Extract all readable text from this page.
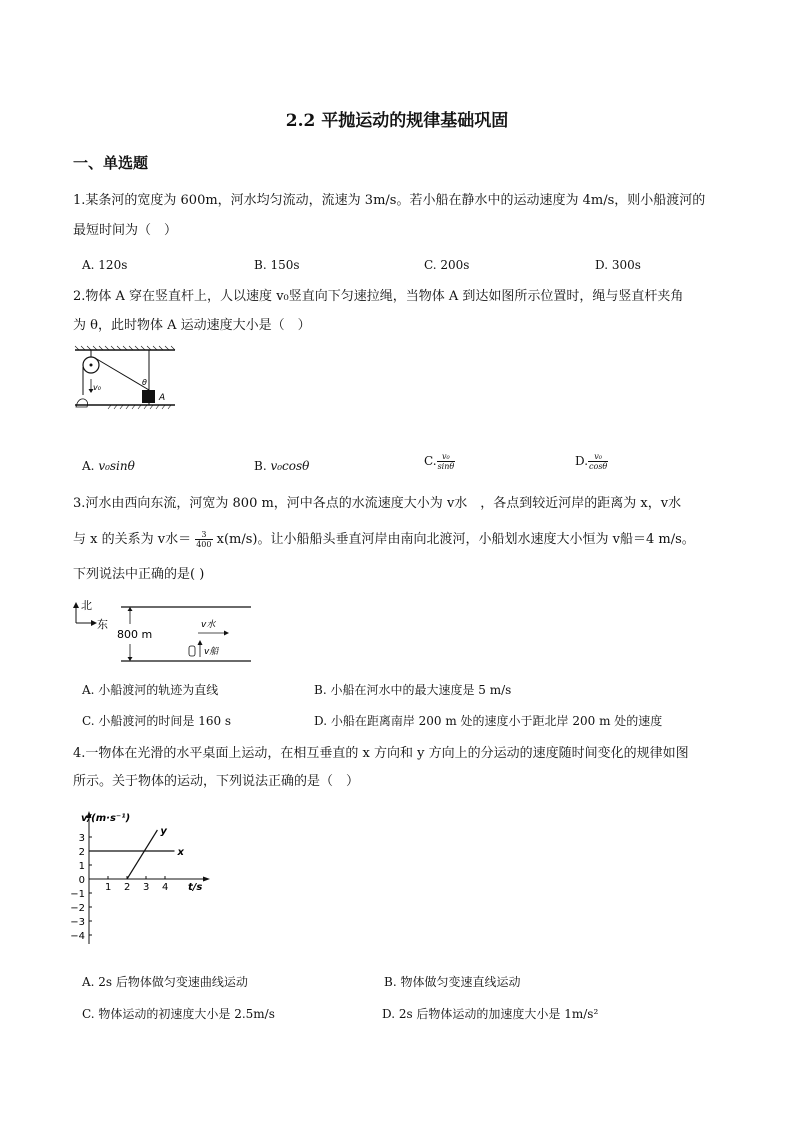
2.2 平抛运动的规律基础巩固
一、单选题
1.某条河的宽度为 600m，河水均匀流动，流速为 3m/s。若小船在静水中的运动速度为 4m/s，则小船渡河的
最短时间为（　）
A. 120s	B. 150s	C. 200s	D. 300s
2.物体 A 穿在竖直杆上，人以速度 v₀竖直向下匀速拉绳，当物体 A 到达如图所示位置时，绳与竖直杆夹角
为 θ，此时物体 A 运动速度大小是（　）
v₀
A
θ
A. v₀sinθ	B. v₀cosθ	C. $\frac{\text{v₀}}{\sin\theta}$	D. $\frac{\text{v₀}}{\cos\theta}$
3.河水由西向东流，河宽为 800 m，河中各点的水流速度大小为 v水　，各点到较近河岸的距离为 x，v水
与 x 的关系为 v水＝ $\frac{3}{400} x(m/s)$。让小船船头垂直河岸由南向北渡河，小船划水速度大小恒为 v船＝4 m/s。
下列说法中正确的是( )
北
东
800 m
v水
v船
A. 小船渡河的轨迹为直线	B. 小船在河水中的最大速度是 5 m/s
C. 小船渡河的时间是 160 s	D. 小船在距离南岸 200 m 处的速度小于距北岸 200 m 处的速度
4.一物体在光滑的水平桌面上运动，在相互垂直的 x 方向和 y 方向上的分运动的速度随时间变化的规律如图
所示。关于物体的运动，下列说法正确的是（　）
v/(m·s⁻¹)
t/s
1 2 3 4
3
2
1
0
−1
−2
−3
−4
x
y
A. 2s 后物体做匀变速曲线运动	B. 物体做匀变速直线运动
C. 物体运动的初速度大小是 2.5m/s	D. 2s 后物体运动的加速度大小是 1m/s²
